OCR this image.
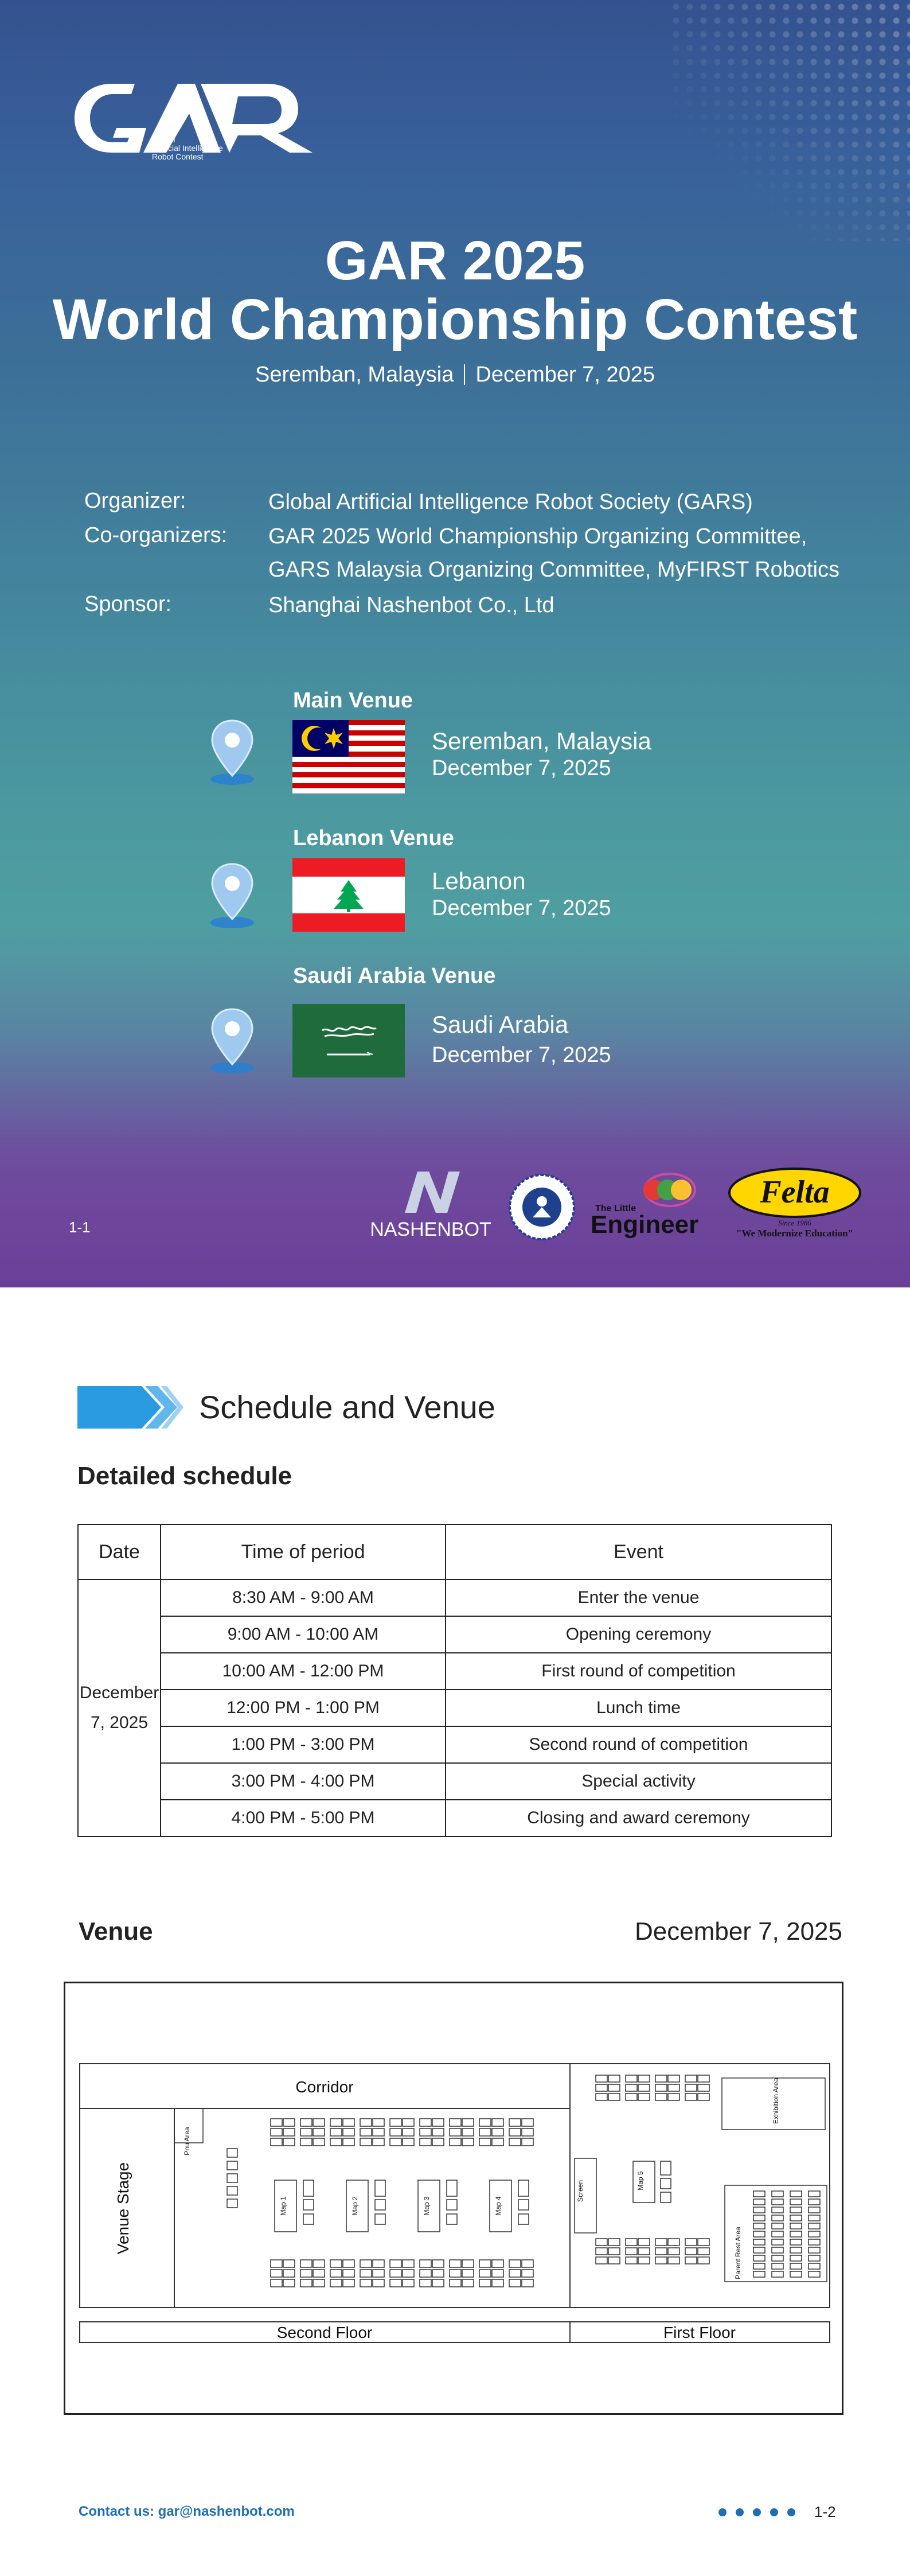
Global
Artificial Intelligence
Robot Contest
GAR 2025
World Championship Contest
Seremban, Malaysia December 7, 2025
Organizer:	Global Artificial Intelligence Robot Society (GARS)
Co-organizers: GAR 2025 World Championship Organizing Committee,
GARS Malaysia Organizing Committee, MyFIRST Robotics
Sponsor:	Shanghai Nashenbot Co., Ltd
Main Venue
Seremban, Malaysia
December 7, 2025
Lebanon Venue
Lebanon
December 7, 2025
Saudi Arabia Venue
Saudi Arabia
December 7, 2025
1-1	NASHENBOT
The Little
Engineer
Felta
Since 1986
"We Modernize Education"
Schedule and Venue
Detailed schedule
Date	Time of period	Event

December
7, 2025	8:30 AM - 9:00 AM	Enter the venue
	9:00 AM - 10:00 AM	Opening ceremony
	10:00 AM - 12:00 PM	First round of competition
	12:00 PM - 1:00 PM	Lunch time
	1:00 PM - 3:00 PM	Second round of competition
	3:00 PM - 4:00 PM	Special activity
	4:00 PM - 5:00 PM	Closing and award ceremony
Venue	December 7, 2025
Corridor
Venue Stage
Pnu Area
Map 1	Map 2	Map 3	Map 4
Map 5
Screen
Exhibition Area
Parent Rest Area
Second Floor	First Floor
Contact us: gar@nashenbot.com	1-2
